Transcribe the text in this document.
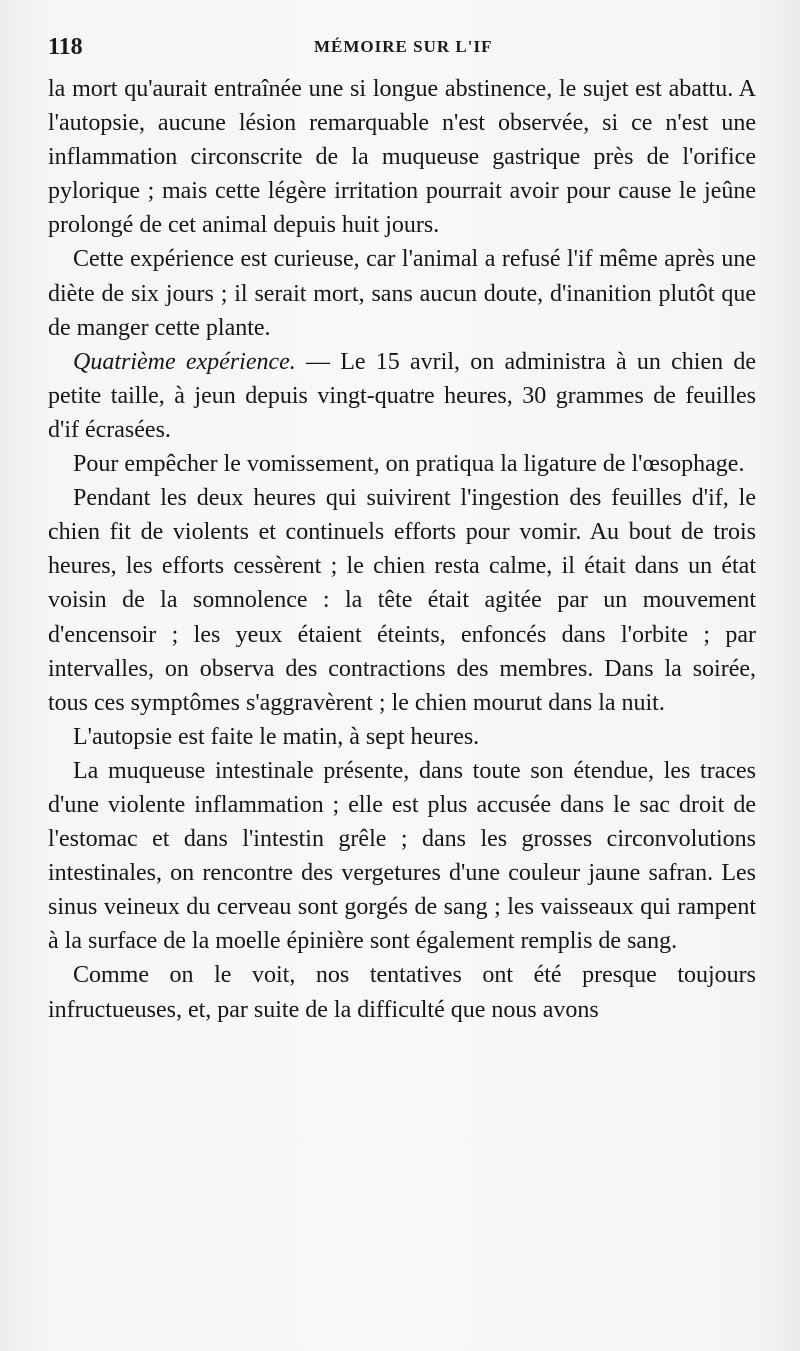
118	MÉMOIRE SUR L'IF

la mort qu'aurait entraînée une si longue abstinence, le sujet est abattu. A l'autopsie, aucune lésion remarquable n'est observée, si ce n'est une inflammation circonscrite de la muqueuse gastrique près de l'orifice pylorique ; mais cette légère irritation pourrait avoir pour cause le jeûne prolongé de cet animal depuis huit jours.

Cette expérience est curieuse, car l'animal a refusé l'if même après une diète de six jours ; il serait mort, sans aucun doute, d'inanition plutôt que de manger cette plante.

Quatrième expérience. — Le 15 avril, on administra à un chien de petite taille, à jeun depuis vingt-quatre heures, 30 grammes de feuilles d'if écrasées.

Pour empêcher le vomissement, on pratiqua la ligature de l'œsophage.

Pendant les deux heures qui suivirent l'ingestion des feuilles d'if, le chien fit de violents et continuels efforts pour vomir. Au bout de trois heures, les efforts cessèrent ; le chien resta calme, il était dans un état voisin de la somnolence : la tête était agitée par un mouvement d'encensoir ; les yeux étaient éteints, enfoncés dans l'orbite ; par intervalles, on observa des contractions des membres. Dans la soirée, tous ces symptômes s'aggravèrent ; le chien mourut dans la nuit.

L'autopsie est faite le matin, à sept heures.

La muqueuse intestinale présente, dans toute son étendue, les traces d'une violente inflammation ; elle est plus accusée dans le sac droit de l'estomac et dans l'intestin grêle ; dans les grosses circonvolutions intestinales, on rencontre des vergetures d'une couleur jaune safran. Les sinus veineux du cerveau sont gorgés de sang ; les vaisseaux qui rampent à la surface de la moelle épinière sont également remplis de sang.

Comme on le voit, nos tentatives ont été presque toujours infructueuses, et, par suite de la difficulté que nous avons
